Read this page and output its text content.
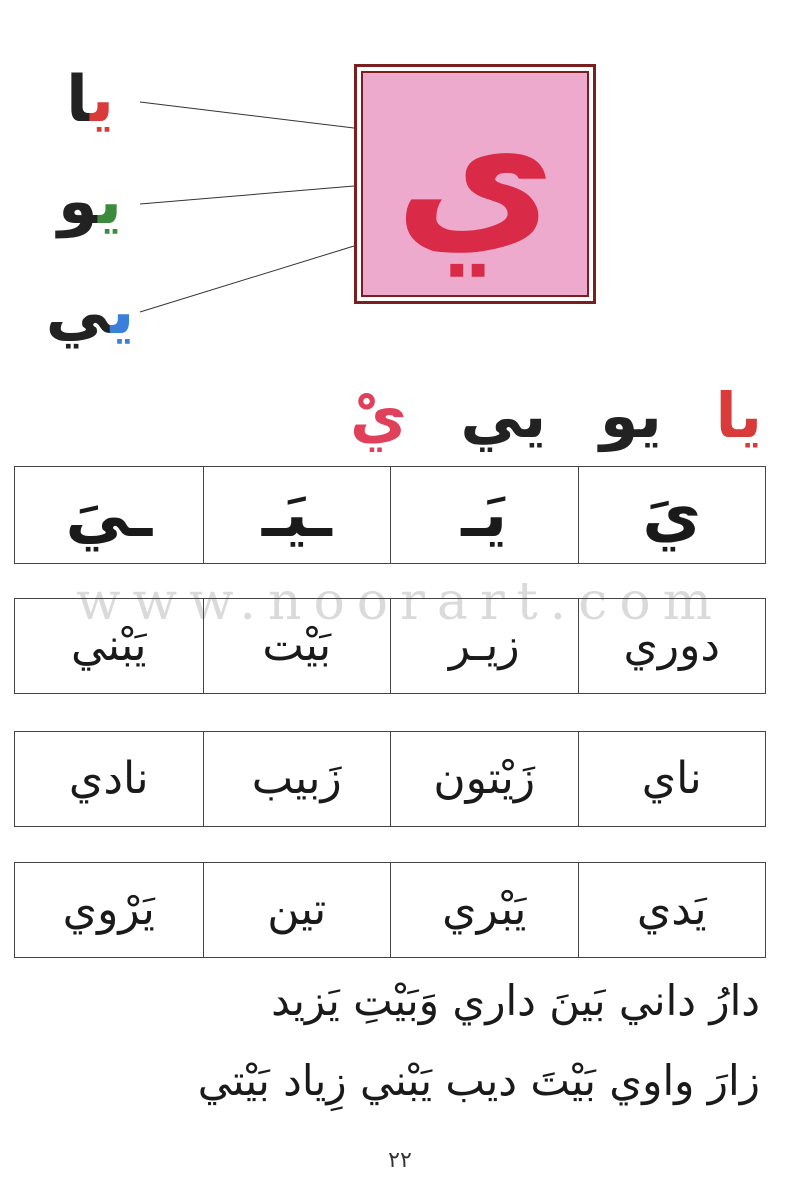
يا
يو
يي
ي
يا
يو
يي
يْ
يَ
يَـ
ـيَـ
ـيَ
www.noorart.com
دوري
زيـر
بَيْت
يَبْني
ناي
زَيْتون
زَبيب
نادي
يَدي
يَبْري
تين
يَرْوي
دارُ داني بَينَ داري وَبَيْتِ يَزيد
زارَ واوي بَيْتَ ديب يَبْني زِياد بَيْتي
٢٢
